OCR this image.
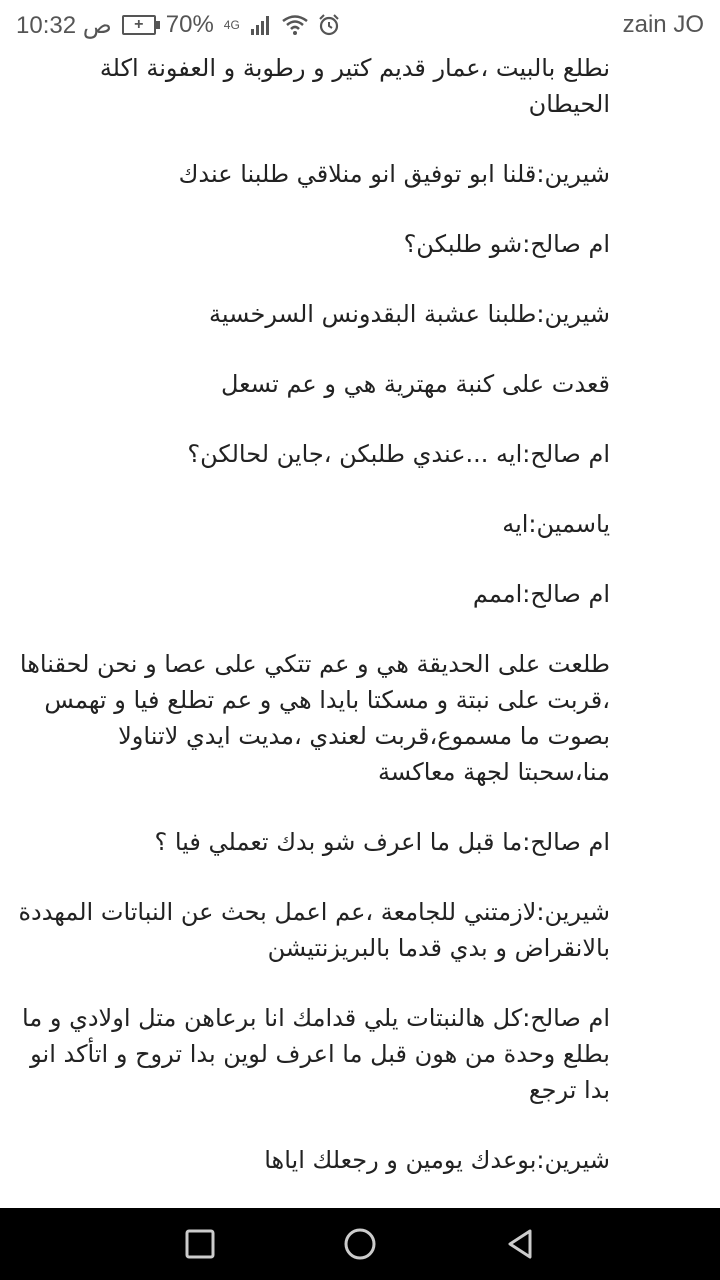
10:32 ص + 70% 4G	zain JO

نطلع بالبيت ،عمار قديم كتير و رطوبة و العفونة اكلة الحيطان

شيرين:قلنا ابو توفيق انو منلاقي طلبنا عندك

ام صالح:شو طلبكن؟

شيرين:طلبنا عشبة البقدونس السرخسية

قعدت على كنبة مهترية هي و عم تسعل

ام صالح:ايه ...عندي طلبكن ،جاين لحالكن؟

ياسمين:ايه

ام صالح:اممم

طلعت على الحديقة هي و عم تتكي على عصا و نحن لحقناها ،قربت على نبتة و مسكتا بايدا هي و عم تطلع فيا و تهمس بصوت ما مسموع،قربت لعندي ،مديت ايدي لاتناولا منا،سحبتا لجهة معاكسة

ام صالح:ما قبل ما اعرف شو بدك تعملي فيا ؟

شيرين:لازمتني للجامعة ،عم اعمل بحث عن النباتات المهددة بالانقراض و بدي قدما بالبريزنتيشن

ام صالح:كل هالنبتات يلي قدامك انا برعاهن متل اولادي و ما بطلع وحدة من هون قبل ما اعرف لوين بدا تروح و اتأكد انو بدا ترجع

شيرين:بوعدك يومين و رجعلك اياها
